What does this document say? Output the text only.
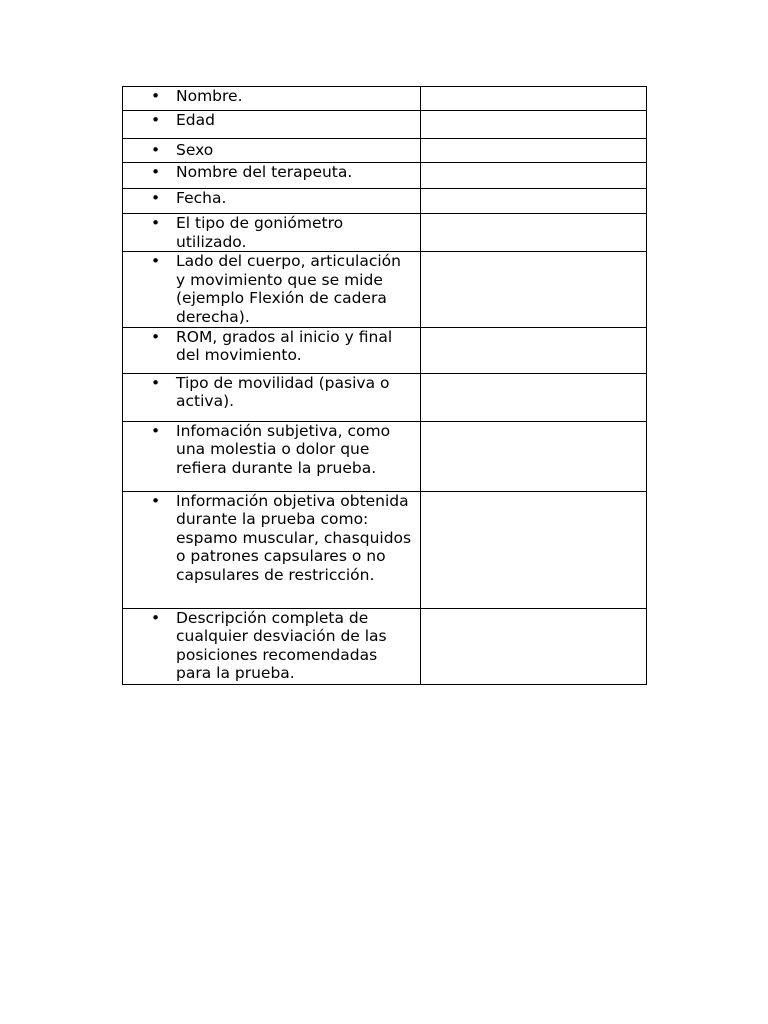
• Nombre.	

• Edad	

• Sexo	

• Nombre del terapeuta.	

• Fecha.	

• El tipo de goniómetro utilizado.	

• Lado del cuerpo, articulación y movimiento que se mide (ejemplo Flexión de cadera derecha).	

• ROM, grados al inicio y final del movimiento.	

• Tipo de movilidad (pasiva o activa).	

• Infomación subjetiva, como una molestia o dolor que refiera durante la prueba.	

• Información objetiva obtenida durante la prueba como: espamo muscular, chasquidos o patrones capsulares o no capsulares de restricción.	

• Descripción completa de cualquier desviación de las posiciones recomendadas para la prueba.	
